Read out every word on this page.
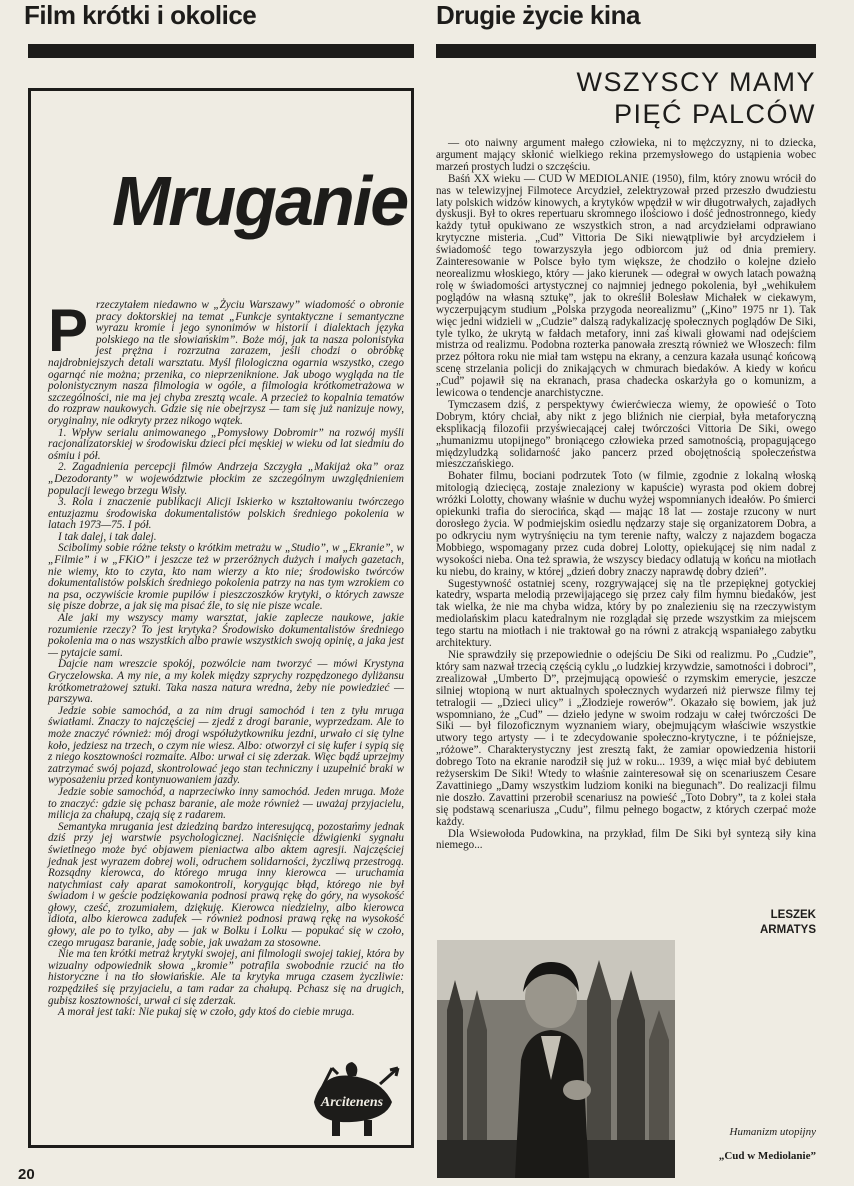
Film krótki i okolice	Drugie życie kina
Mruganie
P rzeczytałem niedawno w „Życiu Warszawy” wiadomość o obronie pracy doktorskiej na temat „Funkcje syntaktyczne i semantyczne wyrazu kromie i jego synonimów w historii i dialektach języka polskiego na tle słowiańskim”. Boże mój, jak ta nasza polonistyka jest prężna i rozrzutna zarazem, jeśli chodzi o obróbkę najdrobniejszych detali warsztatu. Myśl filologiczna ogarnia wszystko, czego ogarnąć nie można; przenika, co nieprzeniknione. Jak ubogo wygląda na tle polonistycznym nasza filmologia w ogóle, a filmologia krótkometrażowa w szczególności, nie ma jej chyba zresztą wcale. A przecież to kopalnia tematów do rozpraw naukowych. Gdzie się nie obejrzysz — tam się już nanizuje nowy, oryginalny, nie odkryty przez nikogo wątek.

1. Wpływ serialu animowanego „Pomysłowy Dobromir” na rozwój myśli racjonalizatorskiej w środowisku dzieci płci męskiej w wieku od lat siedmiu do ośmiu i pół.

2. Zagadnienia percepcji filmów Andrzeja Szczygła „Makijaż oka” oraz „Dezodoranty” w województwie płockim ze szczególnym uwzględnieniem populacji lewego brzegu Wisły.

3. Rola i znaczenie publikacji Alicji Iskierko w kształtowaniu twórczego entuzjazmu środowiska dokumentalistów polskich średniego pokolenia w latach 1973—75. I pół.

I tak dalej, i tak dalej.

Scibolimy sobie różne teksty o krótkim metrażu w „Studio”, w „Ekranie”, w „Filmie” i w „FKiO” i jeszcze też w przeróżnych dużych i małych gazetach, nie wiemy, kto to czyta, kto nam wierzy a kto nie; środowisko twórców dokumentalistów polskich średniego pokolenia patrzy na nas tym wzrokiem co na psa, oczywiście kromie pupilów i pieszczoszków krytyki, o których zawsze się pisze dobrze, a jak się ma pisać źle, to się nie pisze wcale.

Ale jaki my wszyscy mamy warsztat, jakie zaplecze naukowe, jakie rozumienie rzeczy? To jest krytyka? Środowisko dokumentalistów średniego pokolenia ma o nas wszystkich albo prawie wszystkich swoją opinię, a jaka jest — pytajcie sami.

Dajcie nam wreszcie spokój, pozwólcie nam tworzyć — mówi Krystyna Gryczelowska. A my nie, a my kolek między szprychy rozpędzonego dyliżansu krótkometrażowej sztuki. Taka nasza natura wredna, żeby nie powiedzieć — parszywa.

Jedzie sobie samochód, a za nim drugi samochód i ten z tyłu mruga światłami. Znaczy to najczęściej — zjedź z drogi baranie, wyprzedzam. Ale to może znaczyć również: mój drogi współużytkowniku jezdni, urwało ci się tylne koło, jedziesz na trzech, o czym nie wiesz. Albo: otworzył ci się kufer i sypią się z niego kosztowności rozmaite. Albo: urwał ci się zderzak. Więc bądź uprzejmy zatrzymać swój pojazd, skontrolować jego stan techniczny i uzupełnić braki w wyposażeniu przed kontynuowaniem jazdy.

Jedzie sobie samochód, a naprzeciwko inny samochód. Jeden mruga. Może to znaczyć: gdzie się pchasz baranie, ale może również — uważaj przyjacielu, milicja za chałupą, czają się z radarem.

Semantyka mrugania jest dziedziną bardzo interesującą, pozostańmy jednak dziś przy jej warstwie psychologicznej. Naciśnięcie dźwigienki sygnału świetlnego może być objawem pieniactwa albo aktem agresji. Najczęściej jednak jest wyrazem dobrej woli, odruchem solidarności, życzliwą przestrogą. Rozsądny kierowca, do którego mruga inny kierowca — uruchamia natychmiast cały aparat samokontroli, korygując błąd, którego nie był świadom i w geście podziękowania podnosi prawą rękę do góry, na wysokość głowy, cześć, zrozumiałem, dziękuję. Kierowca niedzielny, albo kierowca idiota, albo kierowca zadufek — również podnosi prawą rękę na wysokość głowy, ale po to tylko, aby — jak w Bolku i Lolku — popukać się w czoło, czego mrugasz baranie, jadę sobie, jak uważam za stosowne.

Nie ma ten krótki metraż krytyki swojej, ani filmologii swojej takiej, która by wizualny odpowiednik słowa „kromie” potrafila swobodnie rzucić na tło historyczne i na tło słowiańskie. Ale ta krytyka mruga czasem życzliwie: rozpędziłeś się przyjacielu, a tam radar za chałupą. Pchasz się na drugich, gubisz kosztowności, urwał ci się zderzak.

A morał jest taki: Nie pukaj się w czoło, gdy ktoś do ciebie mruga.

Arcitenens
WSZYSCY MAMY
PIĘĆ PALCÓW

— oto naiwny argument małego człowieka, ni to mężczyzny, ni to dziecka, argument mający skłonić wielkiego rekina przemysłowego do ustąpienia wobec marzeń prostych ludzi o szczęściu.

Baśń XX wieku — CUD W MEDIOLANIE (1950), film, który znowu wrócił do nas w telewizyjnej Filmotece Arcydzieł, zelektryzował przed przeszło dwudziestu laty polskich widzów kinowych, a krytyków wpędził w wir długotrwałych, zajadłych dyskusji. Był to okres repertuaru skromnego ilościowo i dość jednostronnego, kiedy każdy tytuł opukiwano ze wszystkich stron, a nad arcydziełami odprawiano krytyczne misteria. „Cud” Vittoria De Siki niewątpliwie był arcydziełem i świadomość tego towarzyszyła jego odbiorcom już od dnia premiery. Zainteresowanie w Polsce było tym większe, że chodziło o kolejne dzieło neorealizmu włoskiego, który — jako kierunek — odegrał w owych latach poważną rolę w świadomości artystycznej co najmniej jednego pokolenia, był „wehikułem poglądów na własną sztukę”, jak to określił Bolesław Michałek w ciekawym, wyczerpującym studium „Polska przygoda neorealizmu” („Kino” 1975 nr 1). Tak więc jedni widzieli w „Cudzie” dalszą radykalizację społecznych poglądów De Siki, tyle tylko, że ukrytą w fałdach metafory, inni zaś kiwali głowami nad odejściem mistrza od realizmu. Podobna rozterka panowała zresztą również we Włoszech: film przez półtora roku nie miał tam wstępu na ekrany, a cenzura kazała usunąć końcową scenę strzelania policji do znikających w chmurach biedaków. A kiedy w końcu „Cud” pojawił się na ekranach, prasa chadecka oskarżyła go o komunizm, a lewicowa o tendencje anarchistyczne.

Tymczasem dziś, z perspektywy ćwierćwiecza wiemy, że opowieść o Toto Dobrym, który chciał, aby nikt z jego bliźnich nie cierpiał, była metaforyczną eksplikacją filozofii przyświecającej całej twórczości Vittoria De Siki, owego „humanizmu utopijnego” broniącego człowieka przed samotnością, propagującego międzyludzką solidarność jako pancerz przed obojętnością społeczeństwa mieszczańskiego.

Bohater filmu, bociani podrzutek Toto (w filmie, zgodnie z lokalną włoską mitologią dziecięcą, zostaje znaleziony w kapuście) wyrasta pod okiem dobrej wróżki Lolotty, chowany właśnie w duchu wyżej wspomnianych ideałów. Po śmierci opiekunki trafia do sierocińca, skąd — mając 18 lat — zostaje rzucony w nurt dorosłego życia. W podmiejskim osiedlu nędzarzy staje się organizatorem Dobra, a po odkryciu nym wytryśnięciu na tym terenie nafty, walczy z najazdem bogacza Mobbiego, wspomagany przez cuda dobrej Lolotty, opiekującej się nim nadal z wysokości nieba. Ona też sprawia, że wszyscy biedacy odlatują w końcu na miotłach ku niebu, do krainy, w której „dzień dobry znaczy naprawdę dobry dzień”.

Sugestywność ostatniej sceny, rozgrywającej się na tle przepięknej gotyckiej katedry, wsparta melodią przewijającego się przez cały film hymnu biedaków, jest tak wielka, że nie ma chyba widza, który by po znalezieniu się na rzeczywistym mediolańskim placu katedralnym nie rozglądał się przede wszystkim za miejscem tego startu na miotłach i nie traktował go na równi z atrakcją wspaniałego zabytku architektury.

Nie sprawdziły się przepowiednie o odejściu De Siki od realizmu. Po „Cudzie”, który sam nazwał trzecią częścią cyklu „o ludzkiej krzywdzie, samotności i dobroci”, zrealizował „Umberto D”, przejmującą opowieść o rzymskim emerycie, jeszcze silniej wtopioną w nurt aktualnych społecznych wydarzeń niż pierwsze filmy tej tetralogii — „Dzieci ulicy” i „Złodzieje rowerów”. Okazało się bowiem, jak już wspomniano, że „Cud” — dzieło jedyne w swoim rodzaju w całej twórczości De Siki — był filozoficznym wyznaniem wiary, obejmującym właściwie wszystkie utwory tego artysty — i te zdecydowanie społeczno-krytyczne, i te późniejsze, „różowe”. Charakterystyczny jest zresztą fakt, że zamiar opowiedzenia historii dobrego Toto na ekranie narodził się już w roku... 1939, a więc miał być debiutem reżyserskim De Siki! Wtedy to właśnie zainteresował się on scenariuszem Cesare Zavattiniego „Damy wszystkim ludziom koniki na biegunach”. Do realizacji filmu nie doszło. Zavattini przerobił scenariusz na powieść „Toto Dobry”, ta z kolei stała się podstawą scenariusza „Cudu”, filmu pełnego bogactw, z których czerpać może każdy.

Dla Wsiewołoda Pudowkina, na przykład, film De Siki był syntezą siły kina niemego...

LESZEK
ARMATYS
Humanizm utopijny
„Cud w Mediolanie”
20
